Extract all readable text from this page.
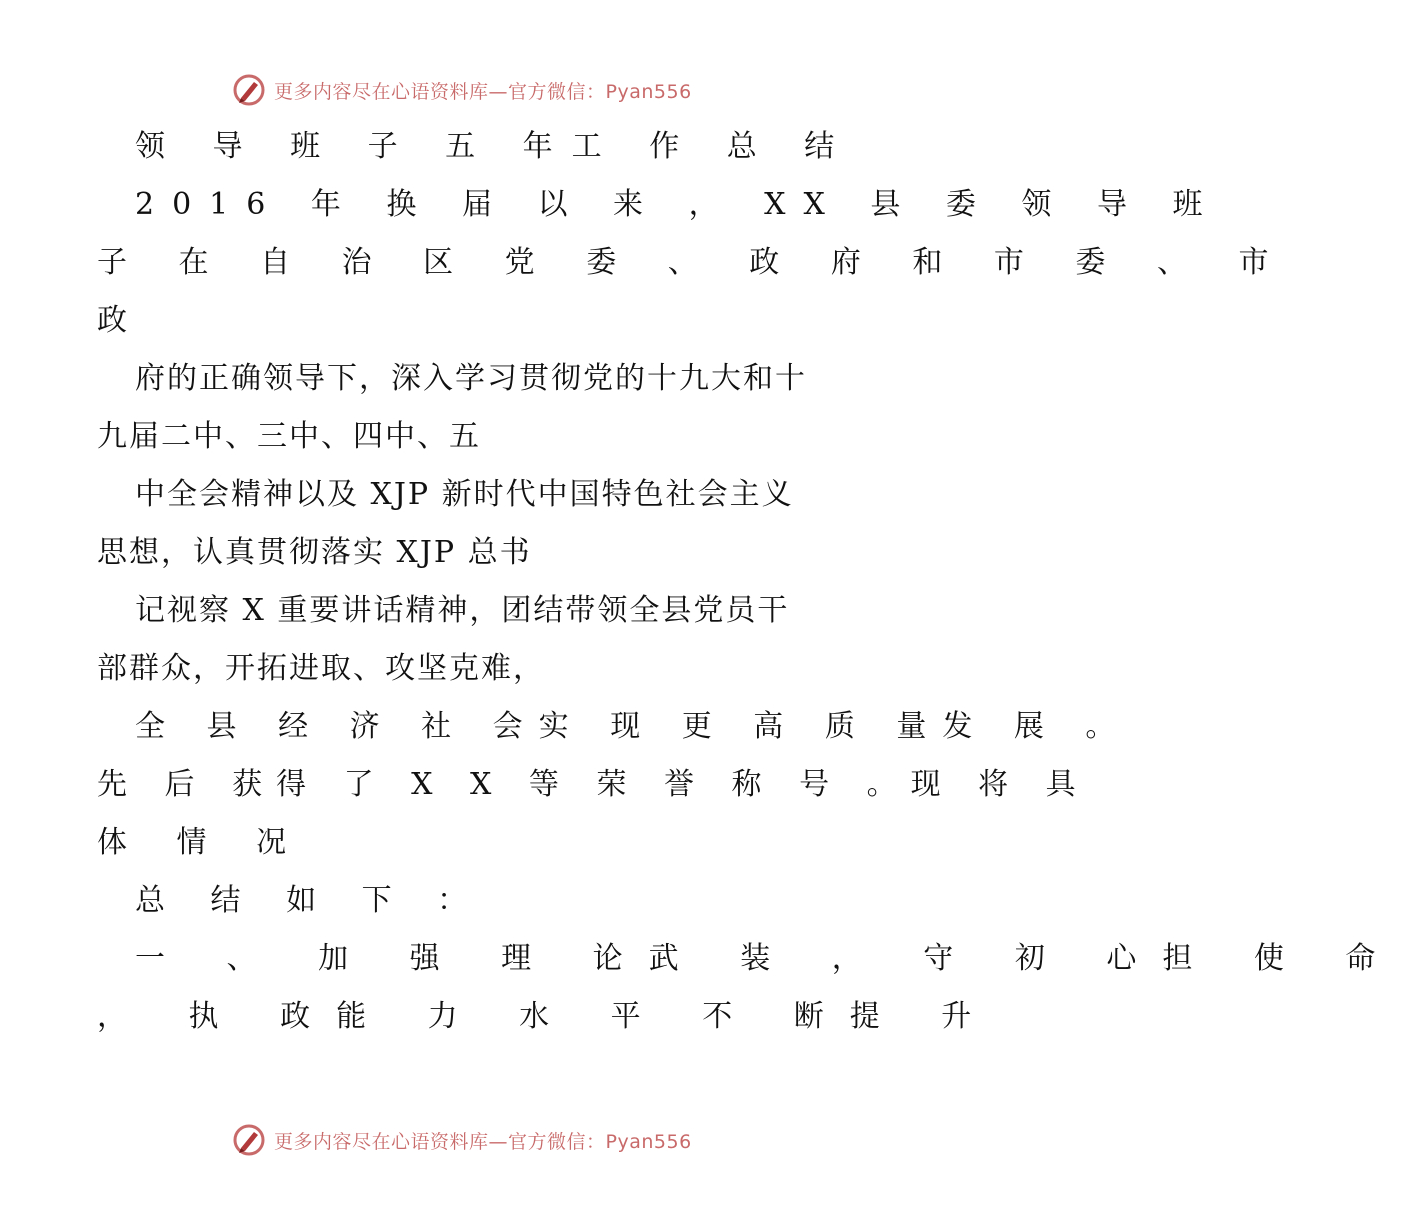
更多内容尽在心语资料库—官方微信：Pyan556
领 导 班 子 五 年工 作 总 结
2016 年 换 届 以 来 ， XX 县 委 领 导 班
子 在 自 治 区 党 委 、 政 府 和 市 委 、 市
政
府的正确领导下，深入学习贯彻党的十九大和十
九届二中、三中、四中、五
中全会精神以及 XJP 新时代中国特色社会主义
思想，认真贯彻落实 XJP 总书
记视察 X 重要讲话精神，团结带领全县党员干
部群众，开拓进取、攻坚克难，
全 县 经 济 社 会实 现 更 高 质 量发 展 。
先 后 获得 了 X X 等 荣 誉 称 号 。现 将 具
体 情 况
总 结 如 下 ：
一 、 加 强 理 论武 装 ， 守 初 心担 使 命
， 执 政能 力 水 平 不 断提 升
更多内容尽在心语资料库—官方微信：Pyan556
